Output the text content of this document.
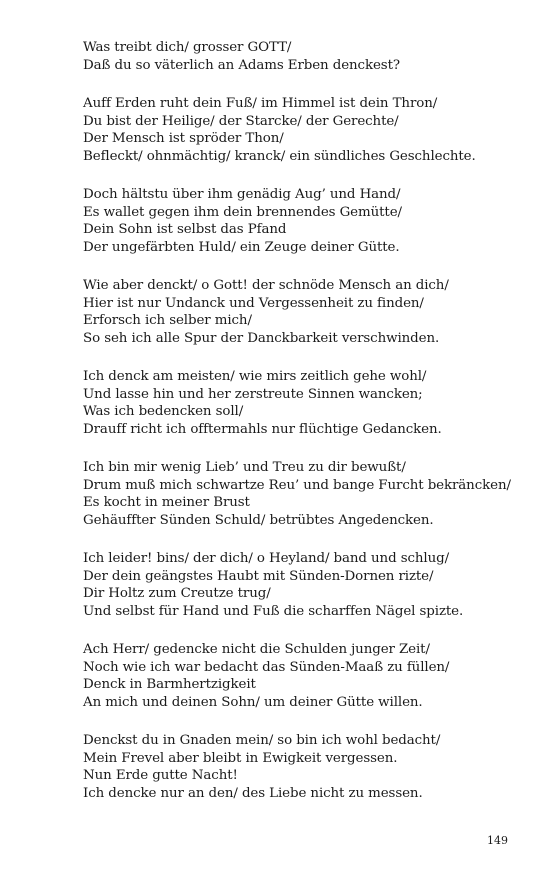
Was treibt dich/ grosser GOTT/
Daß du so väterlich an Adams Erben denckest?
Auff Erden ruht dein Fuß/ im Himmel ist dein Thron/
Du bist der Heilige/ der Starcke/ der Gerechte/
Der Mensch ist spröder Thon/
Befleckt/ ohnmächtig/ kranck/ ein sündliches Geschlechte.
Doch hältstu über ihm genädig Aug’ und Hand/
Es wallet gegen ihm dein brennendes Gemütte/
Dein Sohn ist selbst das Pfand
Der ungefärbten Huld/ ein Zeuge deiner Gütte.
Wie aber denckt/ o Gott! der schnöde Mensch an dich/
Hier ist nur Undanck und Vergessenheit zu finden/
Erforsch ich selber mich/
So seh ich alle Spur der Danckbarkeit verschwinden.
Ich denck am meisten/ wie mirs zeitlich gehe wohl/
Und lasse hin und her zerstreute Sinnen wancken;
Was ich bedencken soll/
Drauff richt ich offtermahls nur flüchtige Gedancken.
Ich bin mir wenig Lieb’ und Treu zu dir bewußt/
Drum muß mich schwartze Reu’ und bange Furcht bekräncken/
Es kocht in meiner Brust
Gehäuffter Sünden Schuld/ betrübtes Angedencken.
Ich leider! bins/ der dich/ o Heyland/ band und schlug/
Der dein geängstes Haubt mit Sünden-Dornen rizte/
Dir Holtz zum Creutze trug/
Und selbst für Hand und Fuß die scharffen Nägel spizte.
Ach Herr/ gedencke nicht die Schulden junger Zeit/
Noch wie ich war bedacht das Sünden-Maaß zu füllen/
Denck in Barmhertzigkeit
An mich und deinen Sohn/ um deiner Gütte willen.
Denckst du in Gnaden mein/ so bin ich wohl bedacht/
Mein Frevel aber bleibt in Ewigkeit vergessen.
Nun Erde gutte Nacht!
Ich dencke nur an den/ des Liebe nicht zu messen.
149
